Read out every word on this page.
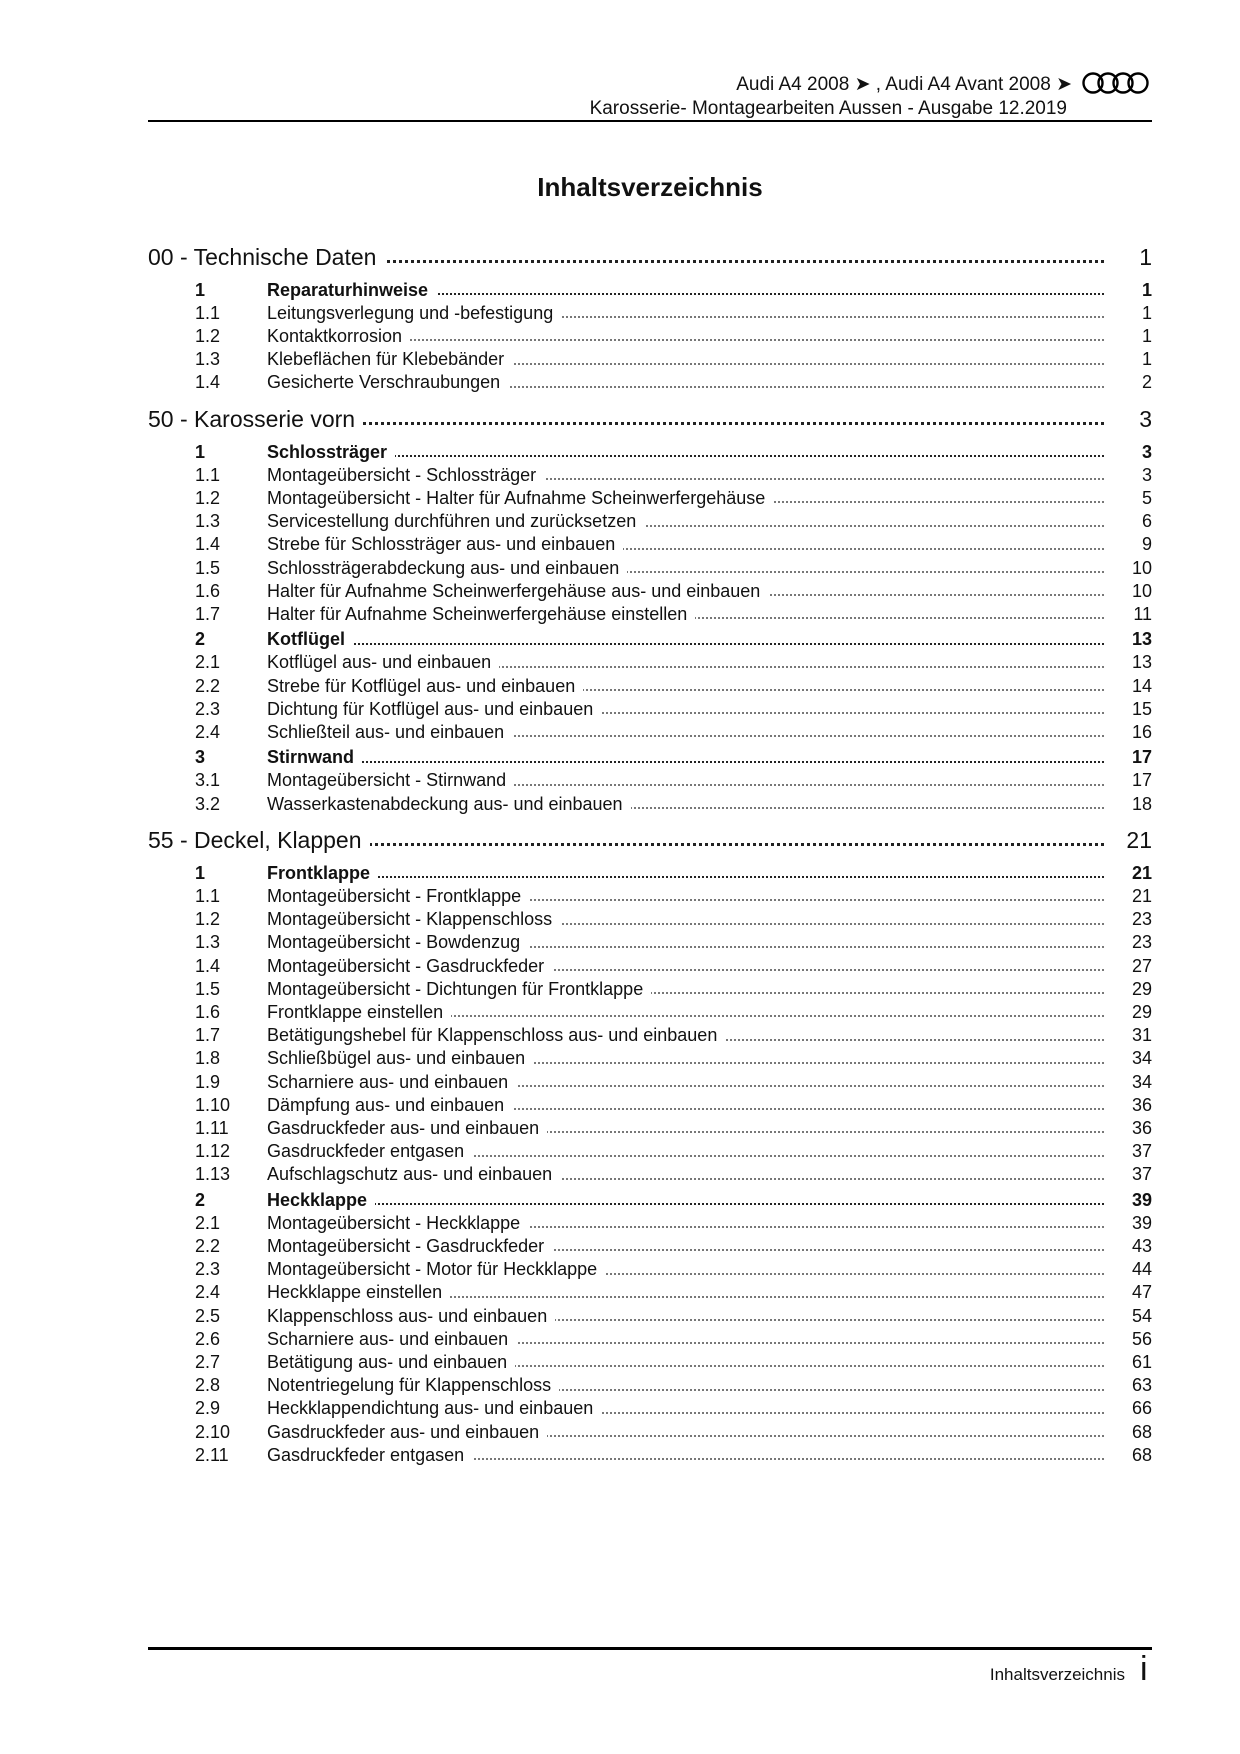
Audi A4 2008 ➤ , Audi A4 Avant 2008 ➤
Karosserie- Montagearbeiten Aussen - Ausgabe 12.2019
Inhaltsverzeichnis
00 - Technische Daten	1
1	Reparaturhinweise	1
1.1	Leitungsverlegung und -befestigung	1
1.2	Kontaktkorrosion	1
1.3	Klebeflächen für Klebebänder	1
1.4	Gesicherte Verschraubungen	2
50 - Karosserie vorn	3
1	Schlossträger	3
1.1	Montageübersicht - Schlossträger	3
1.2	Montageübersicht - Halter für Aufnahme Scheinwerfergehäuse	5
1.3	Servicestellung durchführen und zurücksetzen	6
1.4	Strebe für Schlossträger aus- und einbauen	9
1.5	Schlossträgerabdeckung aus- und einbauen	10
1.6	Halter für Aufnahme Scheinwerfergehäuse aus- und einbauen	10
1.7	Halter für Aufnahme Scheinwerfergehäuse einstellen	11
2	Kotflügel	13
2.1	Kotflügel aus- und einbauen	13
2.2	Strebe für Kotflügel aus- und einbauen	14
2.3	Dichtung für Kotflügel aus- und einbauen	15
2.4	Schließteil aus- und einbauen	16
3	Stirnwand	17
3.1	Montageübersicht - Stirnwand	17
3.2	Wasserkastenabdeckung aus- und einbauen	18
55 - Deckel, Klappen	21
1	Frontklappe	21
1.1	Montageübersicht - Frontklappe	21
1.2	Montageübersicht - Klappenschloss	23
1.3	Montageübersicht - Bowdenzug	23
1.4	Montageübersicht - Gasdruckfeder	27
1.5	Montageübersicht - Dichtungen für Frontklappe	29
1.6	Frontklappe einstellen	29
1.7	Betätigungshebel für Klappenschloss aus- und einbauen	31
1.8	Schließbügel aus- und einbauen	34
1.9	Scharniere aus- und einbauen	34
1.10 Dämpfung aus- und einbauen	36
1.11 Gasdruckfeder aus- und einbauen	36
1.12 Gasdruckfeder entgasen	37
1.13 Aufschlagschutz aus- und einbauen	37
2	Heckklappe	39
2.1	Montageübersicht - Heckklappe	39
2.2	Montageübersicht - Gasdruckfeder	43
2.3	Montageübersicht - Motor für Heckklappe	44
2.4	Heckklappe einstellen	47
2.5	Klappenschloss aus- und einbauen	54
2.6	Scharniere aus- und einbauen	56
2.7	Betätigung aus- und einbauen	61
2.8	Notentriegelung für Klappenschloss	63
2.9	Heckklappendichtung aus- und einbauen	66
2.10 Gasdruckfeder aus- und einbauen	68
2.11 Gasdruckfeder entgasen	68
Inhaltsverzeichnis i
